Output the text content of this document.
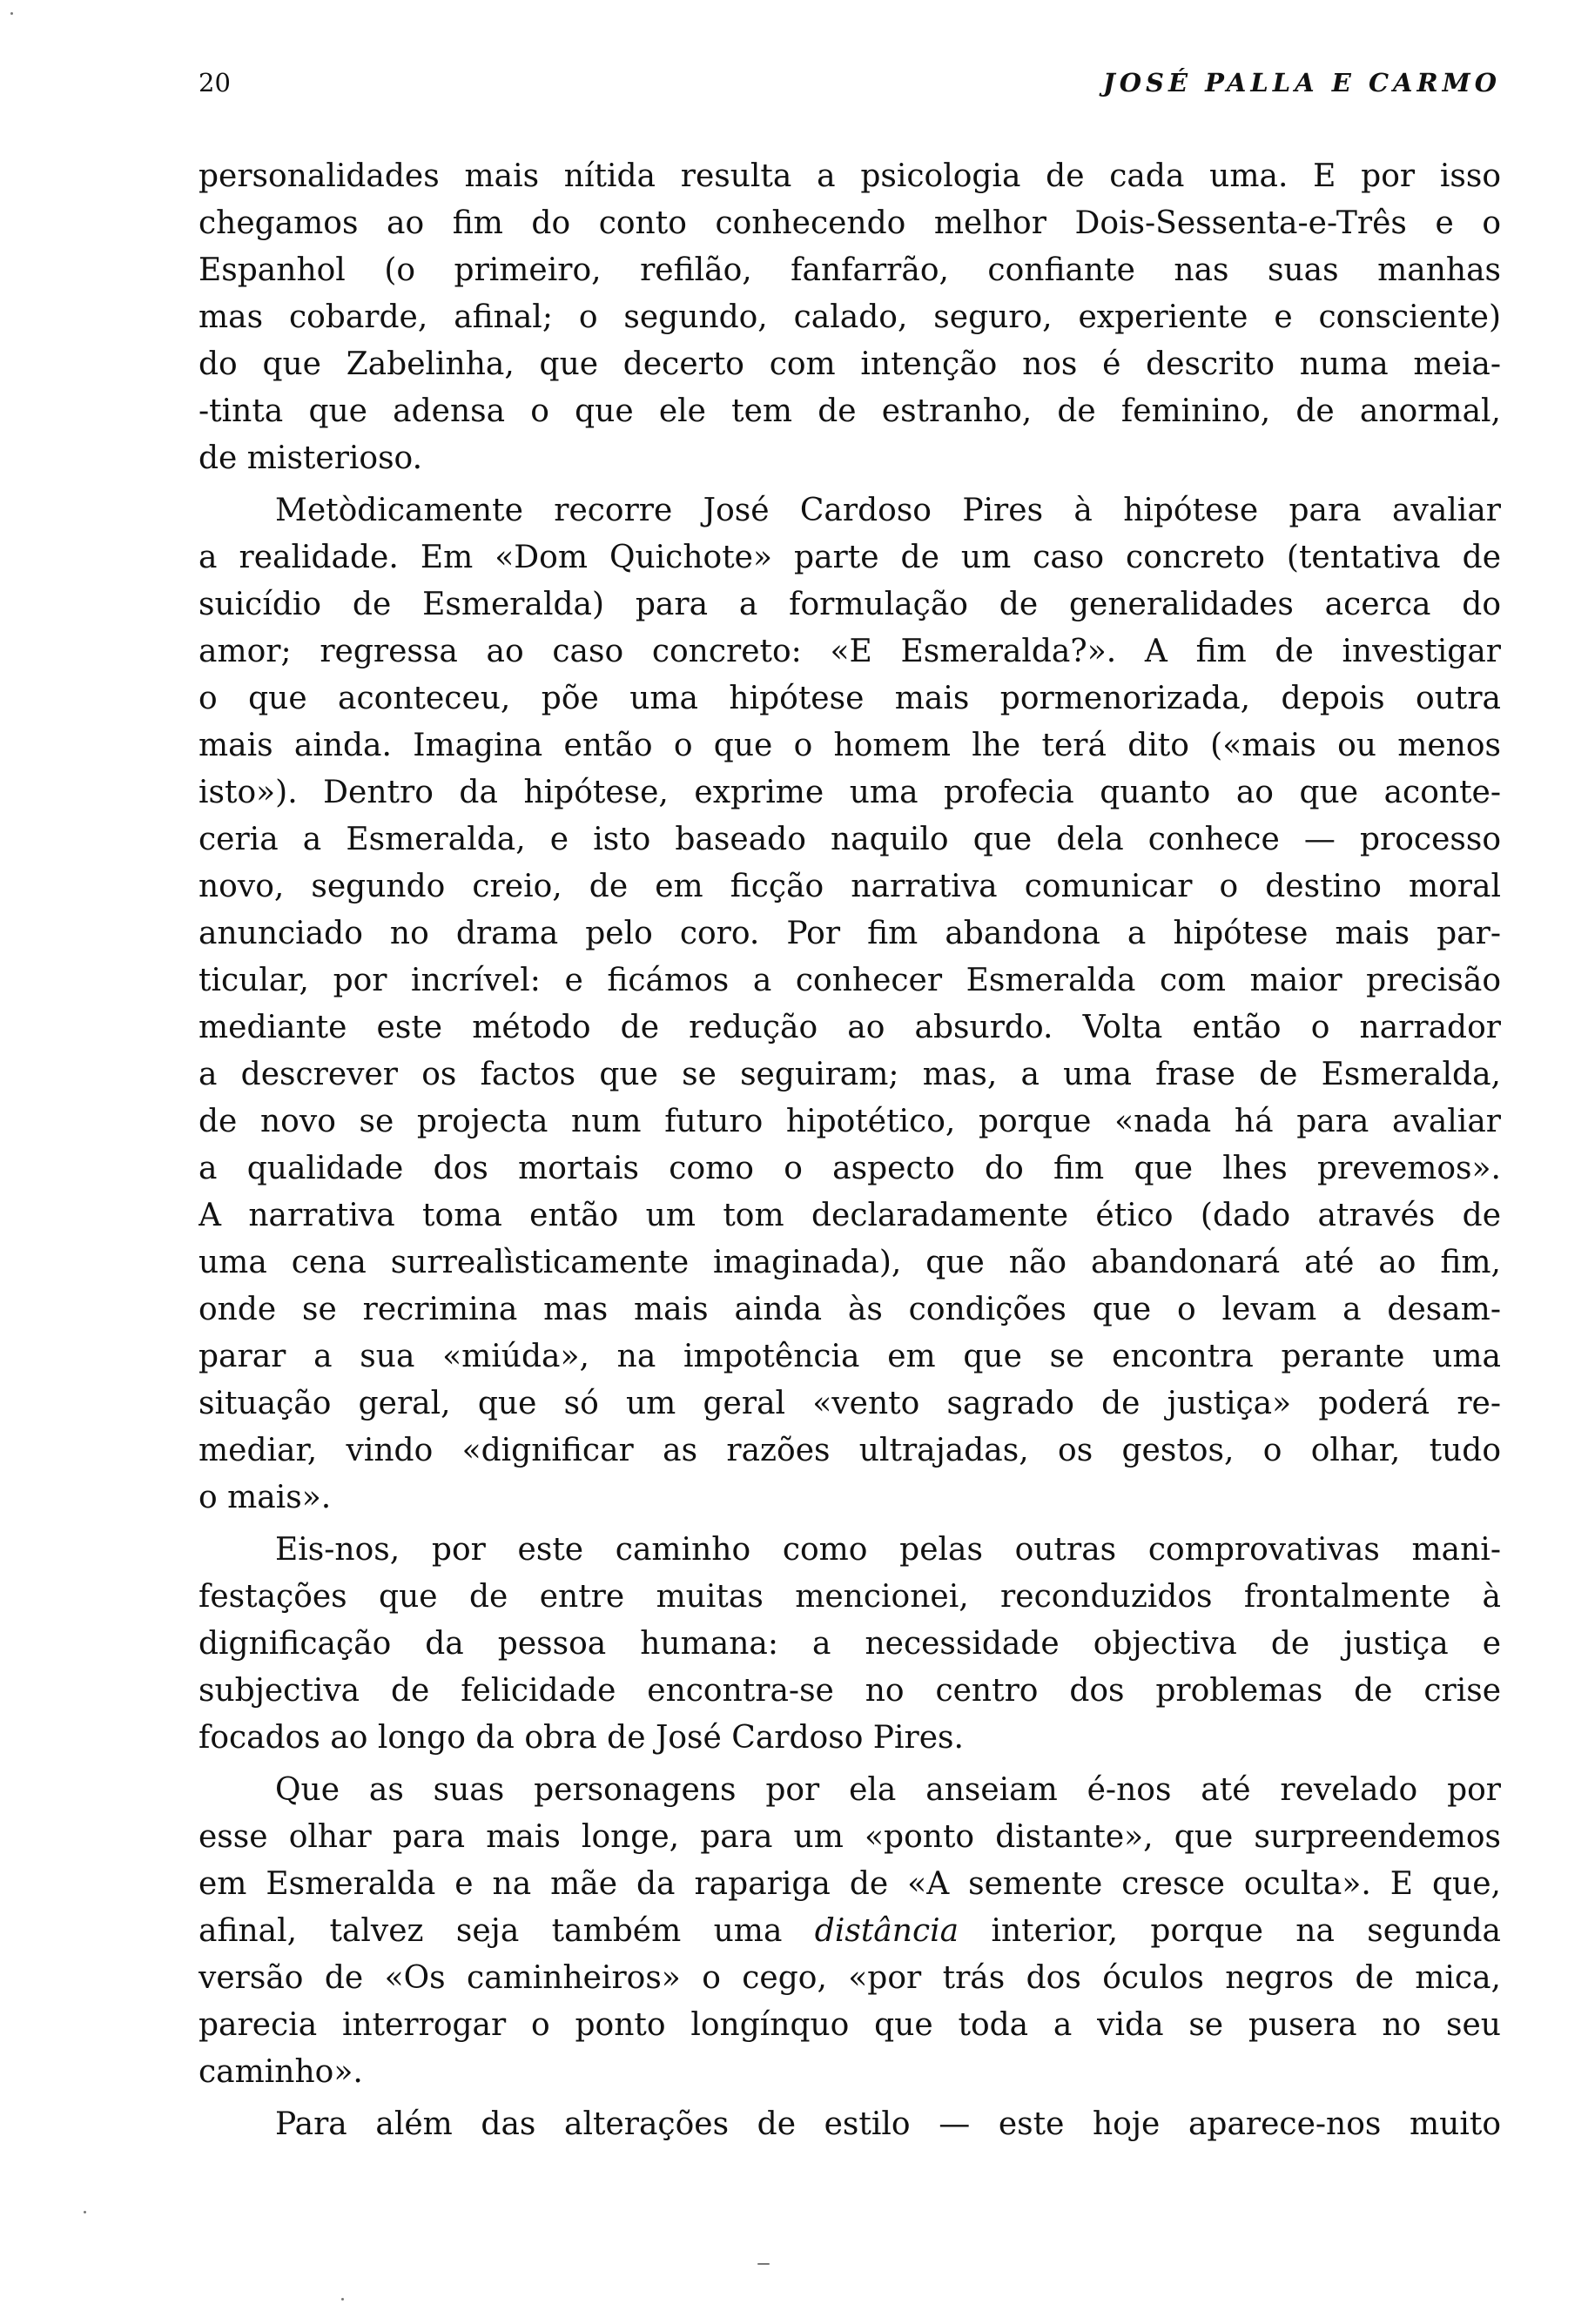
20	JOSÉ PALLA E CARMO
personalidades mais nítida resulta a psicologia de cada uma. E por isso
chegamos ao fim do conto conhecendo melhor Dois-Sessenta-e-Três e o
Espanhol (o primeiro, refilão, fanfarrão, confiante nas suas manhas
mas cobarde, afinal; o segundo, calado, seguro, experiente e consciente)
do que Zabelinha, que decerto com intenção nos é descrito numa meia-
-tinta que adensa o que ele tem de estranho, de feminino, de anormal,
de misterioso.
Metòdicamente recorre José Cardoso Pires à hipótese para avaliar
a realidade. Em «Dom Quichote» parte de um caso concreto (tentativa de
suicídio de Esmeralda) para a formulação de generalidades acerca do
amor; regressa ao caso concreto: «E Esmeralda?». A fim de investigar
o que aconteceu, põe uma hipótese mais pormenorizada, depois outra
mais ainda. Imagina então o que o homem lhe terá dito («mais ou menos
isto»). Dentro da hipótese, exprime uma profecia quanto ao que aconte-
ceria a Esmeralda, e isto baseado naquilo que dela conhece — processo
novo, segundo creio, de em ficção narrativa comunicar o destino moral
anunciado no drama pelo coro. Por fim abandona a hipótese mais par-
ticular, por incrível: e ficámos a conhecer Esmeralda com maior precisão
mediante este método de redução ao absurdo. Volta então o narrador
a descrever os factos que se seguiram; mas, a uma frase de Esmeralda,
de novo se projecta num futuro hipotético, porque «nada há para avaliar
a qualidade dos mortais como o aspecto do fim que lhes prevemos».
A narrativa toma então um tom declaradamente ético (dado através de
uma cena surrealìsticamente imaginada), que não abandonará até ao fim,
onde se recrimina mas mais ainda às condições que o levam a desam-
parar a sua «miúda», na impotência em que se encontra perante uma
situação geral, que só um geral «vento sagrado de justiça» poderá re-
mediar, vindo «dignificar as razões ultrajadas, os gestos, o olhar, tudo
o mais».
Eis-nos, por este caminho como pelas outras comprovativas mani-
festações que de entre muitas mencionei, reconduzidos frontalmente à
dignificação da pessoa humana: a necessidade objectiva de justiça e
subjectiva de felicidade encontra-se no centro dos problemas de crise
focados ao longo da obra de José Cardoso Pires.
Que as suas personagens por ela anseiam é-nos até revelado por
esse olhar para mais longe, para um «ponto distante», que surpreendemos
em Esmeralda e na mãe da rapariga de «A semente cresce oculta». E que,
afinal, talvez seja também uma distância interior, porque na segunda
versão de «Os caminheiros» o cego, «por trás dos óculos negros de mica,
parecia interrogar o ponto longínquo que toda a vida se pusera no seu
caminho».
Para além das alterações de estilo — este hoje aparece-nos muito
